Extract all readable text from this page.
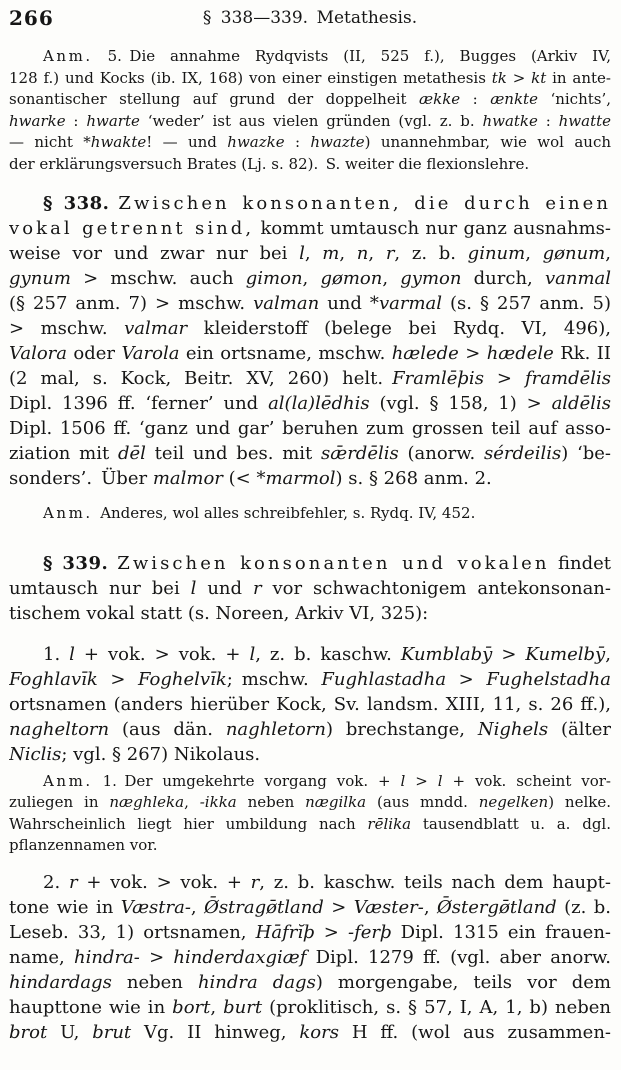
266	§ 338—339. Metathesis.
Anm. 5. Die annahme Rydqvists (II, 525 f.), Bugges (Arkiv IV,
128 f.) und Kocks (ib. IX, 168) von einer einstigen metathesis tk > kt in ante-
sonantischer stellung auf grund der doppelheit ække : ænkte ‘nichts’,
hwarke : hwarte ‘weder’ ist aus vielen gründen (vgl. z. b. hwatke : hwatte
— nicht *hwakte! — und hwazke : hwazte) unannehmbar, wie wol auch
der erklärungsversuch Brates (Lj. s. 82). S. weiter die flexionslehre.
§ 338.  Zwischen konsonanten, die durch einen
vokal getrennt sind, kommt umtausch nur ganz ausnahms-
weise vor und zwar nur bei l, m, n, r, z. b. ginum, gønum,
gynum > mschw. auch gimon, gømon, gymon durch, vanmal
(§ 257 anm. 7) > mschw. valman und *varmal (s. § 257 anm. 5)
> mschw. valmar kleiderstoff (belege bei Rydq. VI, 496),
Valora oder Varola ein ortsname, mschw. hælede > hædele Rk. II
(2 mal, s. Kock, Beitr. XV, 260) helt. Framlēþis > framdēlis
Dipl. 1396 ff. ‘ferner’ und al(la)lēdhis (vgl. § 158, 1) > aldēlis
Dipl. 1506 ff. ‘ganz und gar’ beruhen zum grossen teil auf asso-
ziation mit dēl teil und bes. mit sǣrdēlis (anorw. sérdeilis) ‘be-
sonders’. Über malmor (< *marmol) s. § 268 anm. 2.
Anm. Anderes, wol alles schreibfehler, s. Rydq. IV, 452.
§ 339.  Zwischen konsonanten und vokalen findet
umtausch nur bei l und r vor schwachtonigem antekonsonan-
tischem vokal statt (s. Noreen, Arkiv VI, 325):
1. l + vok. > vok. + l, z. b. kaschw. Kumblabȳ > Kumelbȳ,
Foghlavīk > Foghelvīk; mschw. Fughlastadha > Fughelstadha
ortsnamen (anders hierüber Kock, Sv. landsm. XIII, 11, s. 26 ff.),
nagheltorn (aus dän. naghletorn) brechstange, Nighels (älter
Niclis; vgl. § 267) Nikolaus.
Anm. 1. Der umgekehrte vorgang vok. + l > l + vok. scheint vor-
zuliegen in næghleka, -ikka neben nægilka (aus mndd. negelken) nelke.
Wahrscheinlich liegt hier umbildung nach rēlika tausendblatt u. a. dgl.
pflanzennamen vor.
2. r + vok. > vok. + r, z. b. kaschw. teils nach dem haupt-
tone wie in Væstra-, Ø̄stragø̄tland > Væster-, Ø̄stergø̄tland (z. b.
Leseb. 33, 1) ortsnamen, Hāfrĭþ > -ferþ Dipl. 1315 ein frauen-
name, hindra- > hinderdaxgiæf Dipl. 1279 ff. (vgl. aber anorw.
hindardags neben hindra dags) morgengabe, teils vor dem
haupttone wie in bort, burt (proklitisch, s. § 57, I, A, 1, b) neben
brot U, brut Vg. II hinweg, kors H ff. (wol aus zusammen-
